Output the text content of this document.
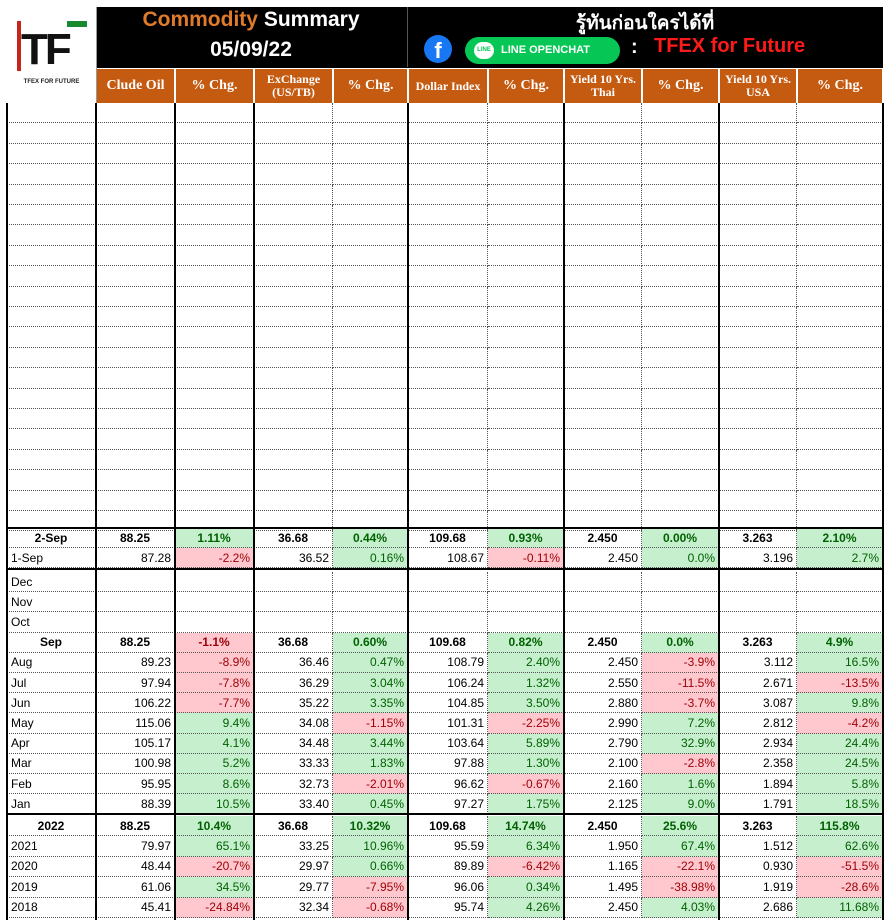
TF
TFEX FOR FUTURE
Commodity Summary
05/09/22
รู้ทันก่อนใครได้ที่
f	LINE LINE OPENCHAT : TFEX for Future
Clude Oil	% Chg.	ExChange (US/TB)	% Chg.	Dollar Index	% Chg.	Yield 10 Yrs. Thai	% Chg.	Yield 10 Yrs. USA	% Chg.
2-Sep	88.25	1.11%	36.68	0.44%	109.68	0.93%	2.450	0.00%	3.263	2.10%
1-Sep	87.28	-2.2%	36.52	0.16%	108.67	-0.11%	2.450	0.0%	3.196	2.7%
Dec
Nov
Oct
Sep	88.25	-1.1%	36.68	0.60%	109.68	0.82%	2.450	0.0%	3.263	4.9%
Aug	89.23	-8.9%	36.46	0.47%	108.79	2.40%	2.450	-3.9%	3.112	16.5%
Jul	97.94	-7.8%	36.29	3.04%	106.24	1.32%	2.550	-11.5%	2.671	-13.5%
Jun	106.22	-7.7%	35.22	3.35%	104.85	3.50%	2.880	-3.7%	3.087	9.8%
May	115.06	9.4%	34.08	-1.15%	101.31	-2.25%	2.990	7.2%	2.812	-4.2%
Apr	105.17	4.1%	34.48	3.44%	103.64	5.89%	2.790	32.9%	2.934	24.4%
Mar	100.98	5.2%	33.33	1.83%	97.88	1.30%	2.100	-2.8%	2.358	24.5%
Feb	95.95	8.6%	32.73	-2.01%	96.62	-0.67%	2.160	1.6%	1.894	5.8%
Jan	88.39	10.5%	33.40	0.45%	97.27	1.75%	2.125	9.0%	1.791	18.5%
2022	88.25	10.4%	36.68	10.32%	109.68	14.74%	2.450	25.6%	3.263	115.8%
2021	79.97	65.1%	33.25	10.96%	95.59	6.34%	1.950	67.4%	1.512	62.6%
2020	48.44	-20.7%	29.97	0.66%	89.89	-6.42%	1.165	-22.1%	0.930	-51.5%
2019	61.06	34.5%	29.77	-7.95%	96.06	0.34%	1.495	-38.98%	1.919	-28.6%
2018	45.41	-24.84%	32.34	-0.68%	95.74	4.26%	2.450	4.03%	2.686	11.68%
